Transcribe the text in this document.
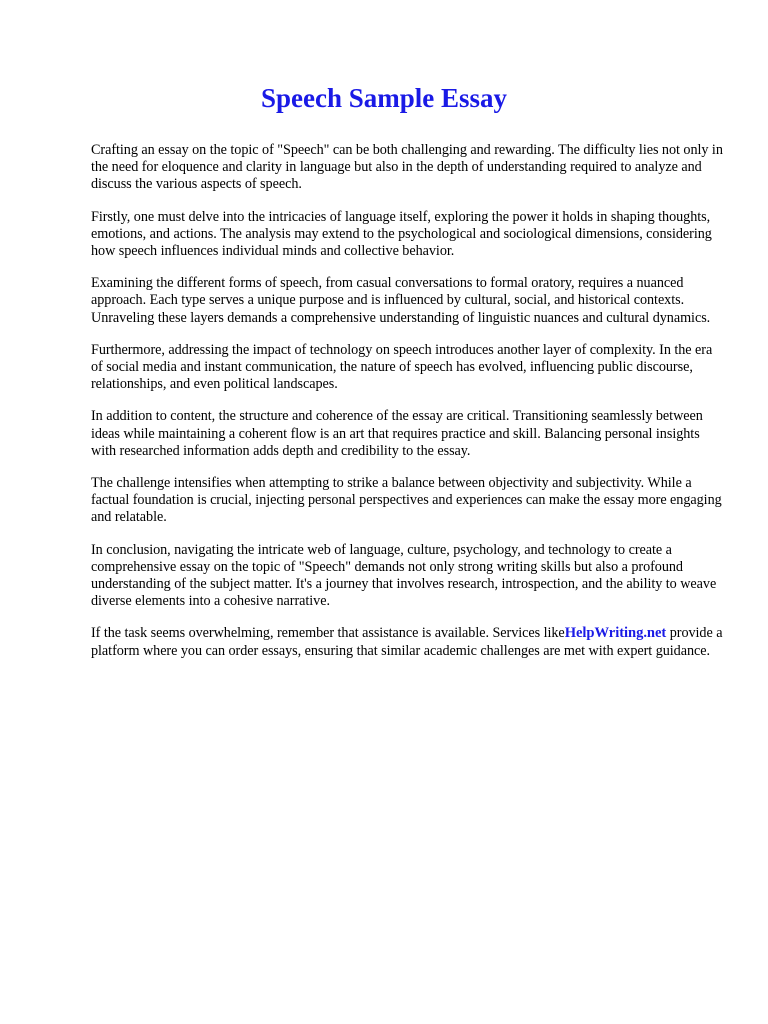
Speech Sample Essay

Crafting an essay on the topic of "Speech" can be both challenging and rewarding. The difficulty lies not only in the need for eloquence and clarity in language but also in the depth of understanding required to analyze and discuss the various aspects of speech.

Firstly, one must delve into the intricacies of language itself, exploring the power it holds in shaping thoughts, emotions, and actions. The analysis may extend to the psychological and sociological dimensions, considering how speech influences individual minds and collective behavior.

Examining the different forms of speech, from casual conversations to formal oratory, requires a nuanced approach. Each type serves a unique purpose and is influenced by cultural, social, and historical contexts. Unraveling these layers demands a comprehensive understanding of linguistic nuances and cultural dynamics.

Furthermore, addressing the impact of technology on speech introduces another layer of complexity. In the era of social media and instant communication, the nature of speech has evolved, influencing public discourse, relationships, and even political landscapes.

In addition to content, the structure and coherence of the essay are critical. Transitioning seamlessly between ideas while maintaining a coherent flow is an art that requires practice and skill. Balancing personal insights with researched information adds depth and credibility to the essay.

The challenge intensifies when attempting to strike a balance between objectivity and subjectivity. While a factual foundation is crucial, injecting personal perspectives and experiences can make the essay more engaging and relatable.

In conclusion, navigating the intricate web of language, culture, psychology, and technology to create a comprehensive essay on the topic of "Speech" demands not only strong writing skills but also a profound understanding of the subject matter. It's a journey that involves research, introspection, and the ability to weave diverse elements into a cohesive narrative.

If the task seems overwhelming, remember that assistance is available. Services likeHelpWriting.net provide a platform where you can order essays, ensuring that similar academic challenges are met with expert guidance.
